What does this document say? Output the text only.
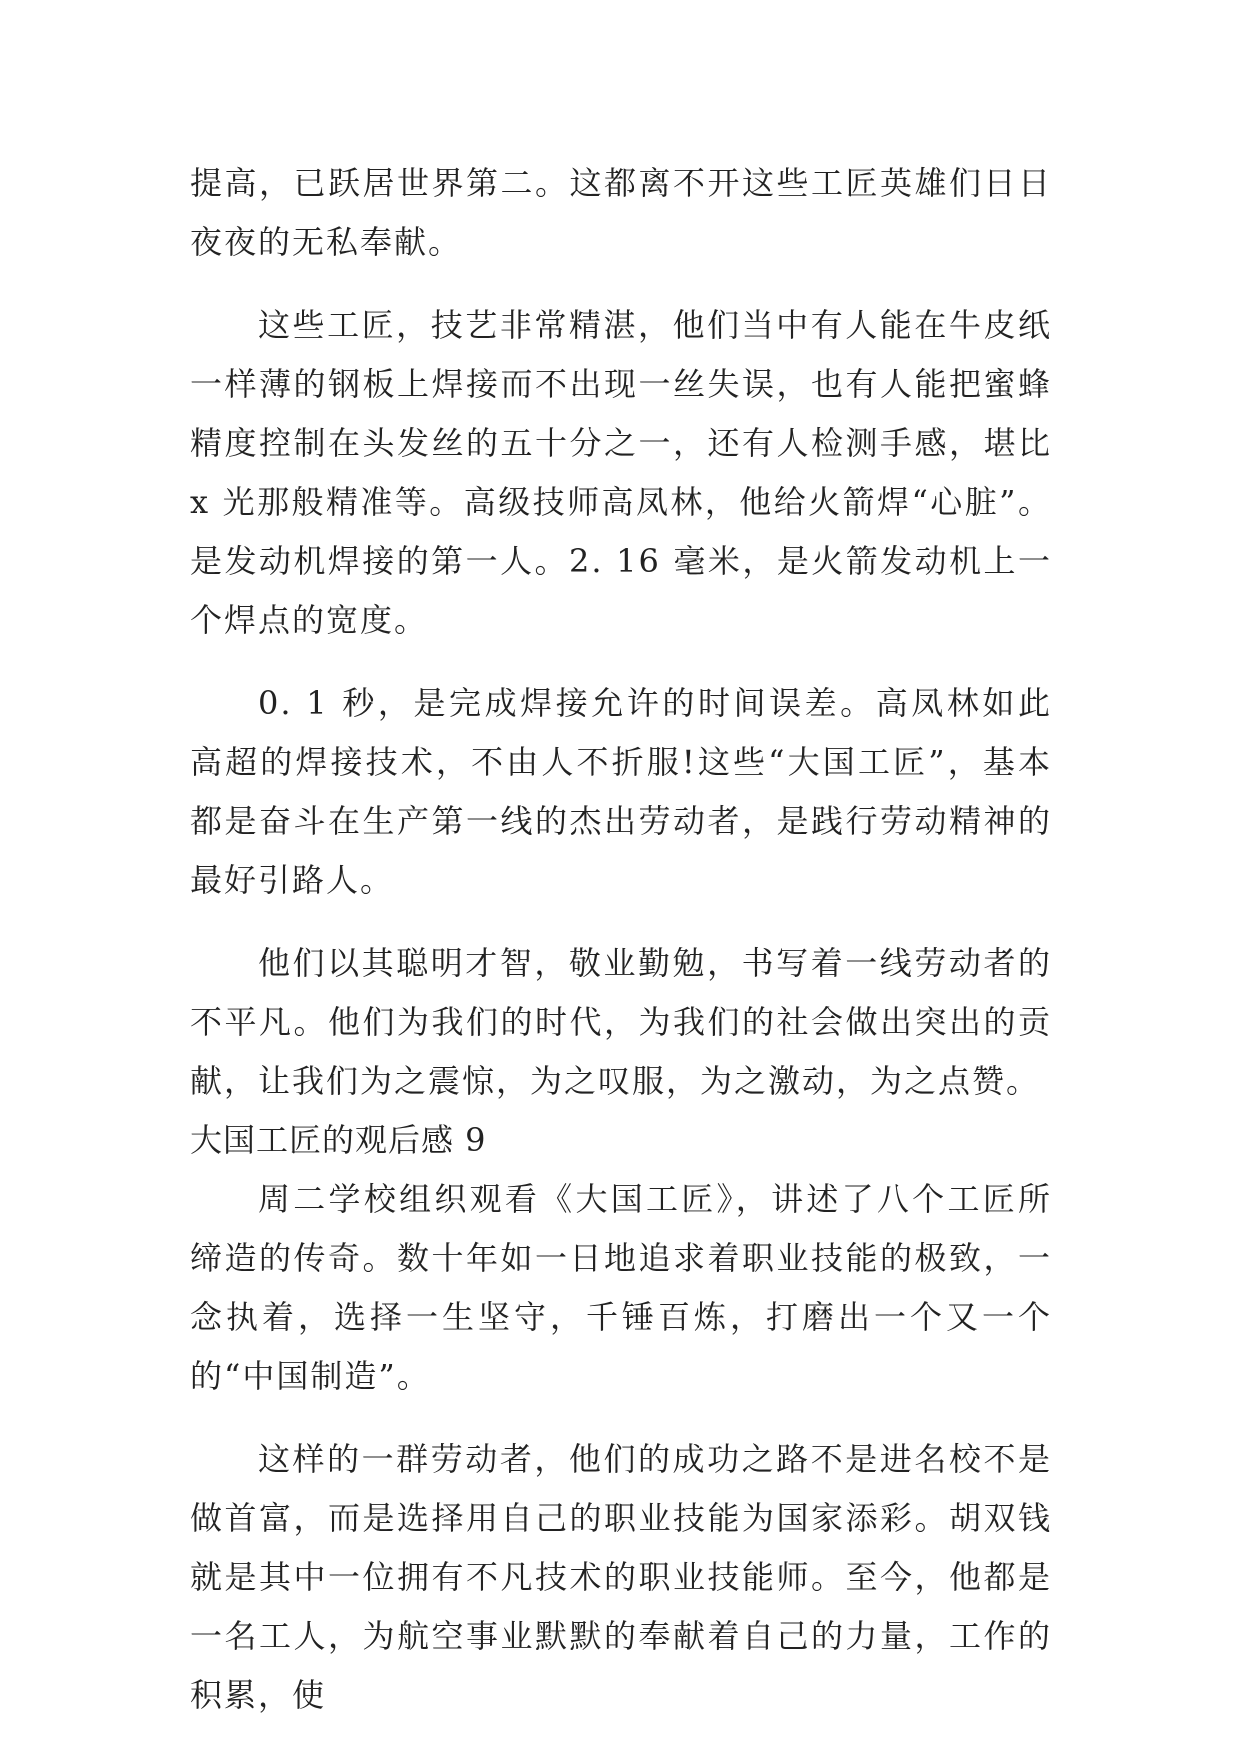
提高，已跃居世界第二。这都离不开这些工匠英雄们日日夜夜的无私奉献。

这些工匠，技艺非常精湛，他们当中有人能在牛皮纸一样薄的钢板上焊接而不出现一丝失误，也有人能把蜜蜂精度控制在头发丝的五十分之一，还有人检测手感，堪比 x 光那般精准等。高级技师高凤林，他给火箭焊“心脏”。是发动机焊接的第一人。2. 16 毫米，是火箭发动机上一个焊点的宽度。

0. 1 秒，是完成焊接允许的时间误差。高凤林如此高超的焊接技术，不由人不折服!这些“大国工匠”，基本都是奋斗在生产第一线的杰出劳动者，是践行劳动精神的最好引路人。

他们以其聪明才智，敬业勤勉，书写着一线劳动者的不平凡。他们为我们的时代，为我们的社会做出突出的贡献，让我们为之震惊，为之叹服，为之激动，为之点赞。

大国工匠的观后感 9

周二学校组织观看《大国工匠》，讲述了八个工匠所缔造的传奇。数十年如一日地追求着职业技能的极致，一念执着，选择一生坚守，千锤百炼，打磨出一个又一个的“中国制造”。

这样的一群劳动者，他们的成功之路不是进名校不是做首富，而是选择用自己的职业技能为国家添彩。胡双钱就是其中一位拥有不凡技术的职业技能师。至今，他都是一名工人，为航空事业默默的奉献着自己的力量，工作的积累，使
